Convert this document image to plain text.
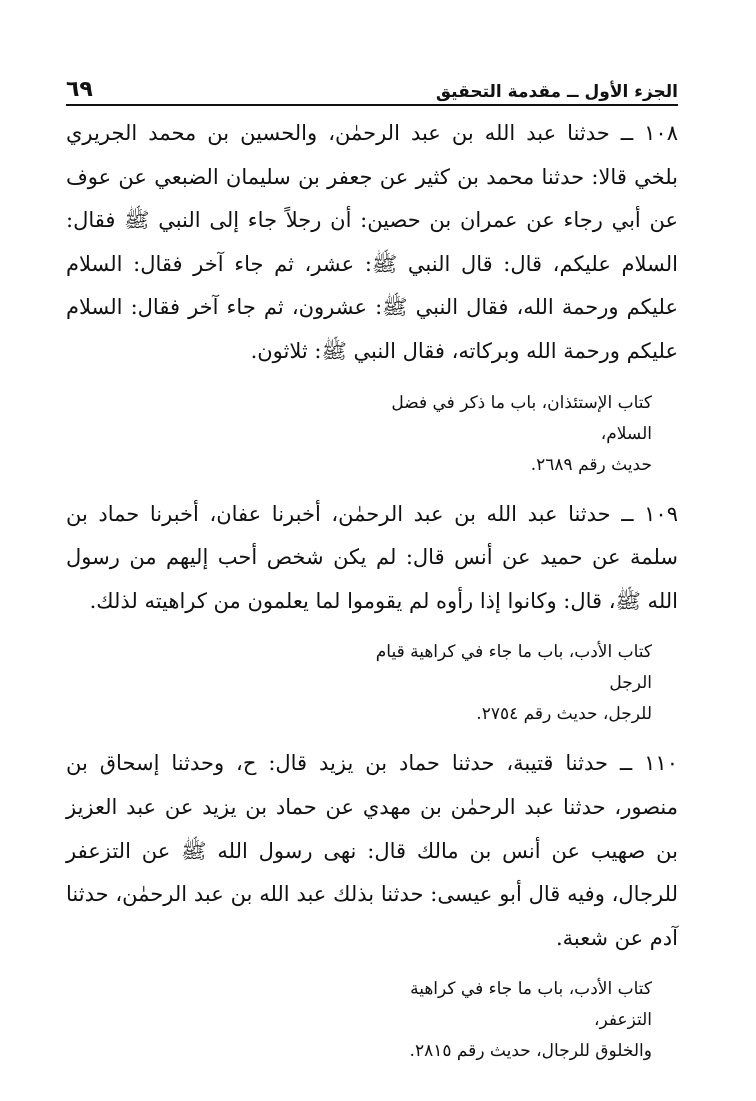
الجزء الأول ــ مقدمة التحقيق
٦٩

١٠٨ ــ حدثنا عبد الله بن عبد الرحمٰن، والحسين بن محمد الجريري بلخي قالا: حدثنا محمد بن كثير عن جعفر بن سليمان الضبعي عن عوف عن أبي رجاء عن عمران بن حصين: أن رجلاً جاء إلى النبي ﷺ فقال: السلام عليكم، قال: قال النبي ﷺ: عشر، ثم جاء آخر فقال: السلام عليكم ورحمة الله، فقال النبي ﷺ: عشرون، ثم جاء آخر فقال: السلام عليكم ورحمة الله وبركاته، فقال النبي ﷺ: ثلاثون.

كتاب الإستئذان، باب ما ذكر في فضل السلام،
حديث رقم ٢٦٨٩.

١٠٩ ــ حدثنا عبد الله بن عبد الرحمٰن، أخبرنا عفان، أخبرنا حماد بن سلمة عن حميد عن أنس قال: لم يكن شخص أحب إليهم من رسول الله ﷺ، قال: وكانوا إذا رأوه لم يقوموا لما يعلمون من كراهيته لذلك.

كتاب الأدب، باب ما جاء في كراهية قيام الرجل
للرجل، حديث رقم ٢٧٥٤.

١١٠ ــ حدثنا قتيبة، حدثنا حماد بن يزيد قال: ح، وحدثنا إسحاق بن منصور، حدثنا عبد الرحمٰن بن مهدي عن حماد بن يزيد عن عبد العزيز بن صهيب عن أنس بن مالك قال: نهى رسول الله ﷺ عن التزعفر للرجال، وفيه قال أبو عيسى: حدثنا بذلك عبد الله بن عبد الرحمٰن، حدثنا آدم عن شعبة.

كتاب الأدب، باب ما جاء في كراهية التزعفر،
والخلوق للرجال، حديث رقم ٢٨١٥.
